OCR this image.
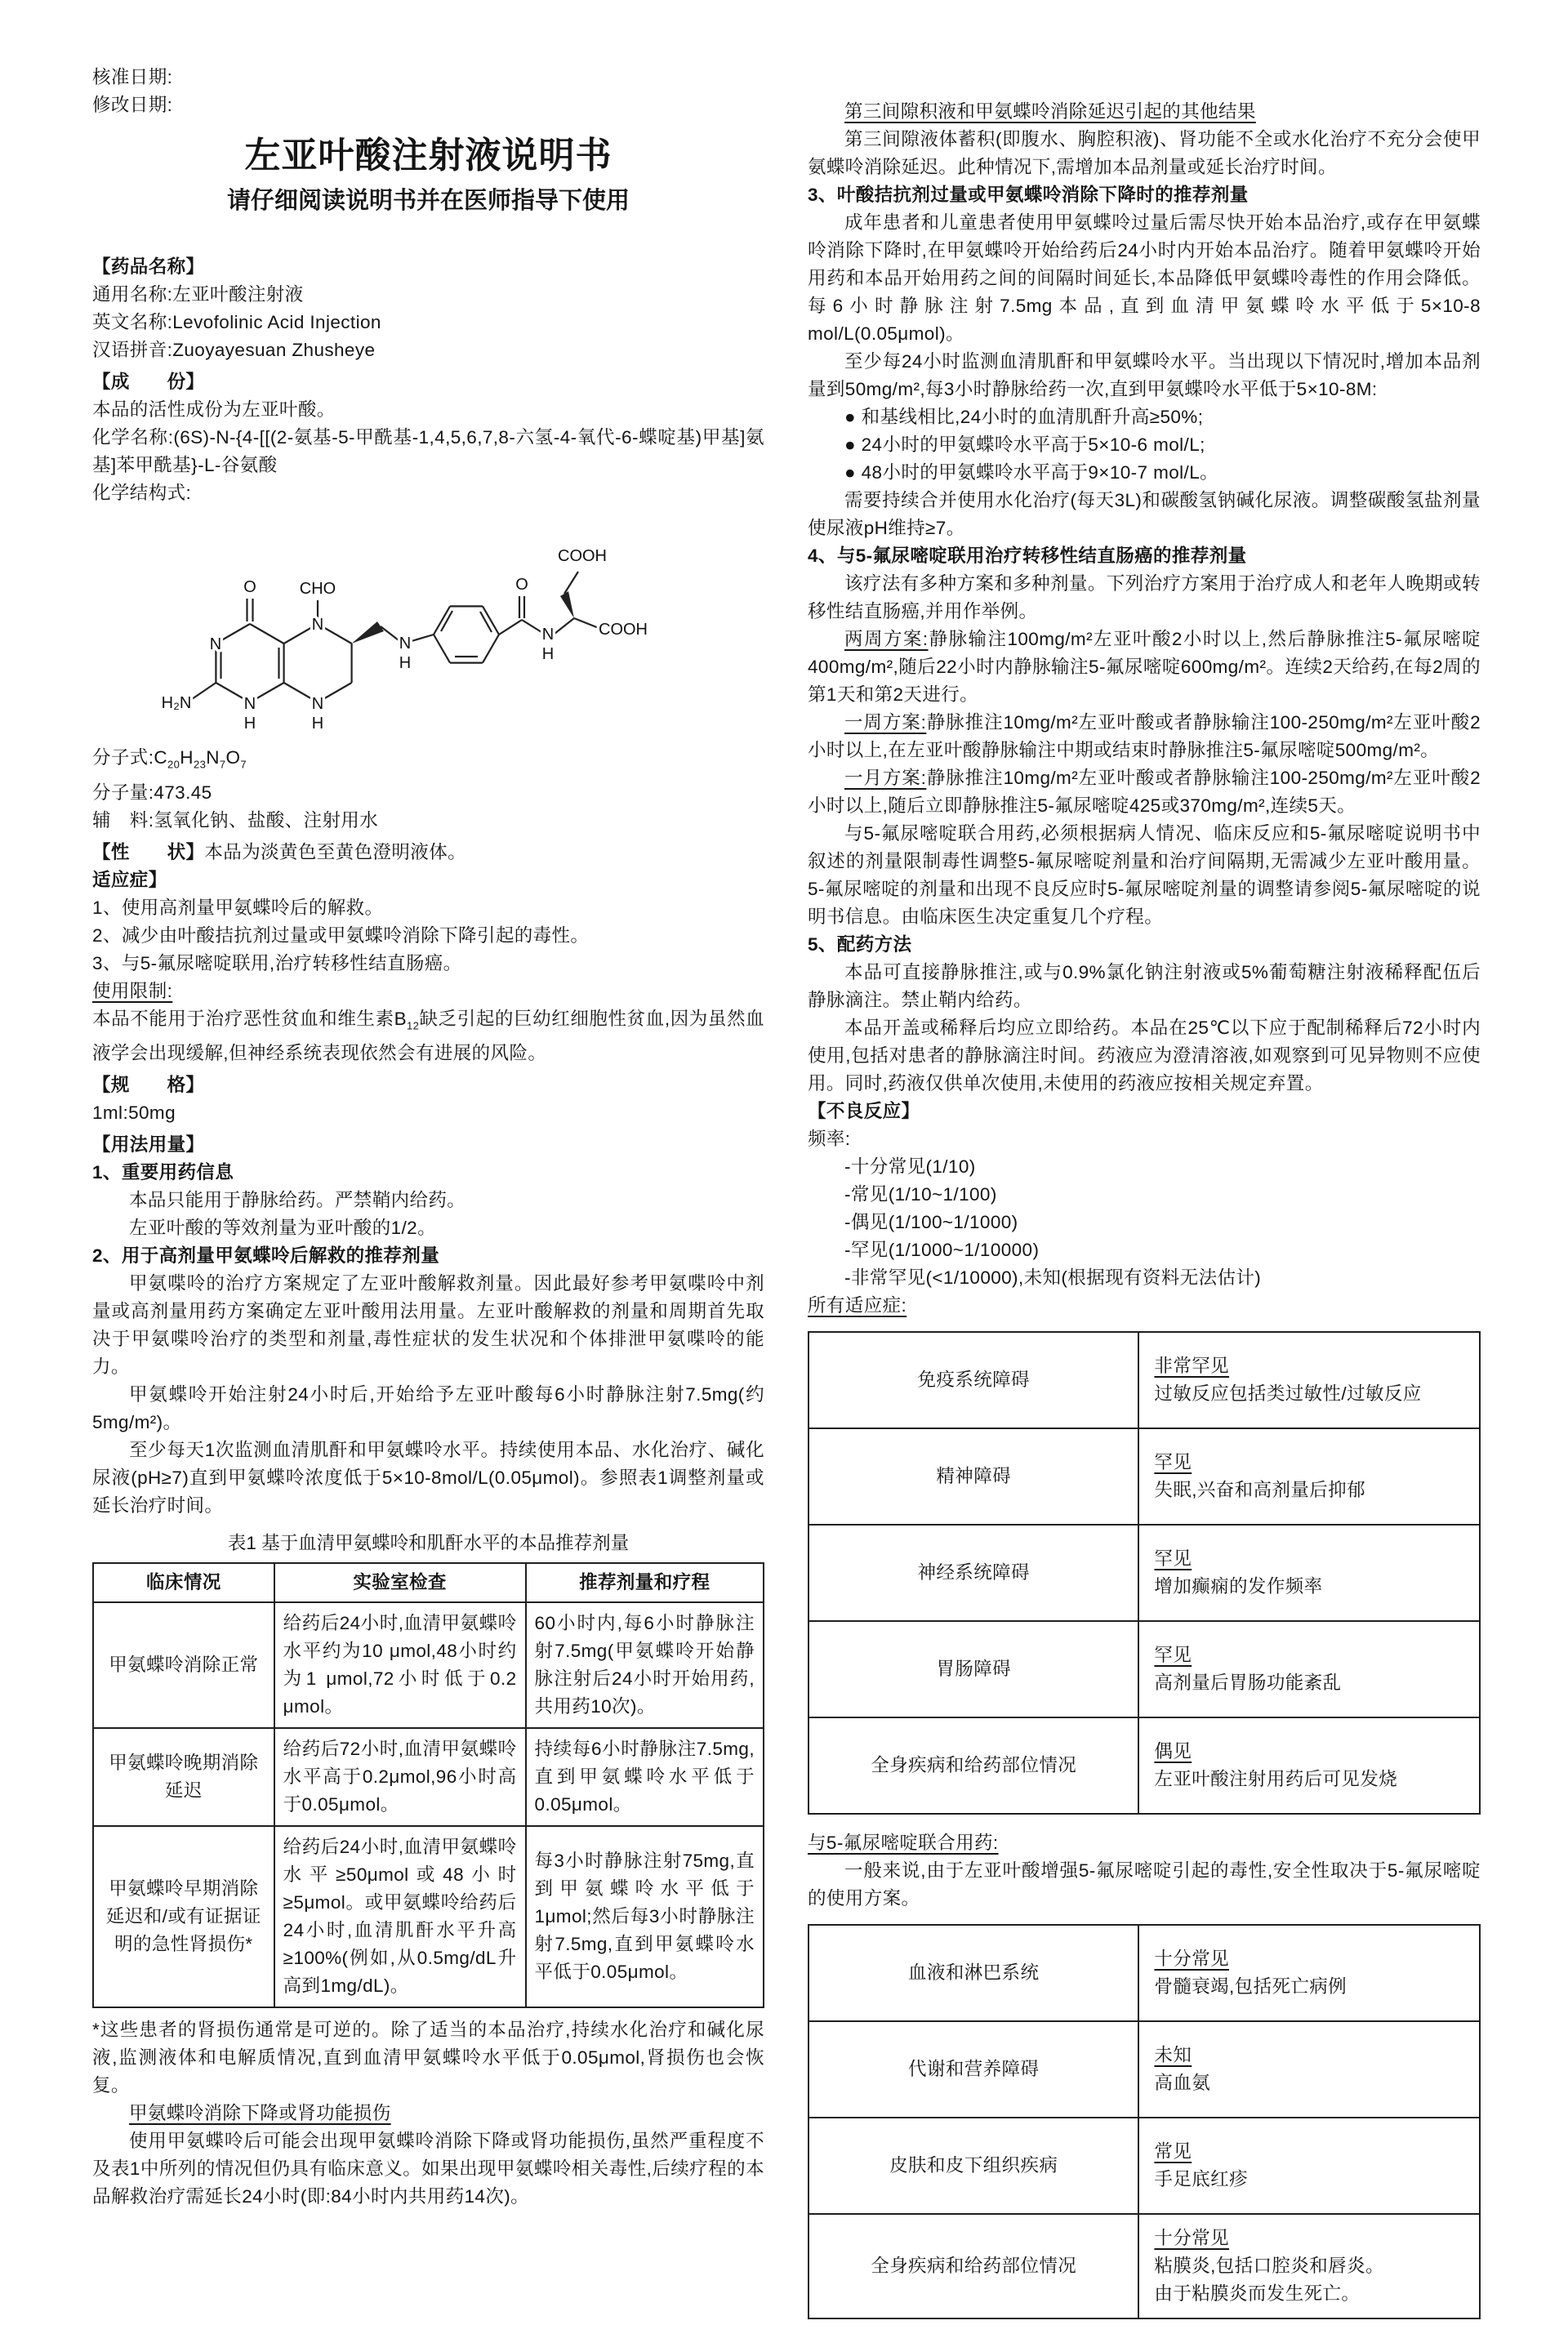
核准日期:

修改日期:

左亚叶酸注射液说明书
请仔细阅读说明书并在医师指导下使用

【药品名称】

通用名称:左亚叶酸注射液

英文名称:Levofolinic Acid Injection

汉语拼音:Zuoyayesuan Zhusheye

【成　　份】

本品的活性成份为左亚叶酸。

化学名称:(6S)-N-{4-[[(2-氨基-5-甲酰基-1,4,5,6,7,8-六氢-4-氧代-6-蝶啶基)甲基]氨基]苯甲酰基}-L-谷氨酸

化学结构式:

COOH
COOH
O
CHO
O
N
H₂N	N
H
N
N
H
N
H
N
H

分子式$:C_{20}H_{23}N_7O_7$

分子量:473.45

辅　料:氢氧化钠、盐酸、注射用水

【性　　状】本品为淡黄色至黄色澄明液体。

适应症】

1、使用高剂量甲氨蝶呤后的解救。

2、减少由叶酸拮抗剂过量或甲氨蝶呤消除下降引起的毒性。

3、与5-氟尿嘧啶联用,治疗转移性结直肠癌。

使用限制:

本品不能用于治疗恶性贫血和维生素$B_{12}$缺乏引起的巨幼红细胞性贫血,因为虽然血液学会出现缓解,但神经系统表现依然会有进展的风险。

【规　　格】

1ml:50mg

【用法用量】

1、重要用药信息

本品只能用于静脉给药。严禁鞘内给药。

左亚叶酸的等效剂量为亚叶酸的1/2。

2、用于高剂量甲氨蝶呤后解救的推荐剂量

甲氨喋呤的治疗方案规定了左亚叶酸解救剂量。因此最好参考甲氨喋呤中剂量或高剂量用药方案确定左亚叶酸用法用量。左亚叶酸解救的剂量和周期首先取决于甲氨喋呤治疗的类型和剂量,毒性症状的发生状况和个体排泄甲氨喋呤的能力。

甲氨蝶呤开始注射24小时后,开始给予左亚叶酸每6小时静脉注射7.5mg(约5mg/m²)。

至少每天1次监测血清肌酐和甲氨蝶呤水平。持续使用本品、水化治疗、碱化尿液(pH≥7)直到甲氨蝶呤浓度低于5×10-8mol/L(0.05μmol)。参照表1调整剂量或延长治疗时间。

表1 基于血清甲氨蝶呤和肌酐水平的本品推荐剂量

临床情况	实验室检查	推荐剂量和疗程
甲氨蝶呤消除正常	给药后24小时,血清甲氨蝶呤水平约为10 μmol,48小时约为1 μmol,72小时低于0.2 μmol。	60小时内,每6小时静脉注射7.5mg(甲氨蝶呤开始静脉注射后24小时开始用药,共用药10次)。
甲氨蝶呤晚期消除延迟	给药后72小时,血清甲氨蝶呤水平高于0.2μmol,96小时高于0.05μmol。	持续每6小时静脉注7.5mg,直到甲氨蝶呤水平低于0.05μmol。
甲氨蝶呤早期消除延迟和/或有证据证明的急性肾损伤*	给药后24小时,血清甲氨蝶呤水平≥50μmol或48小时≥5μmol。或甲氨蝶呤给药后24小时,血清肌酐水平升高≥100%(例如,从0.5mg/dL升高到1mg/dL)。	每3小时静脉注射75mg,直到甲氨蝶呤水平低于1μmol;然后每3小时静脉注射7.5mg,直到甲氨蝶呤水平低于0.05μmol。

*这些患者的肾损伤通常是可逆的。除了适当的本品治疗,持续水化治疗和碱化尿液,监测液体和电解质情况,直到血清甲氨蝶呤水平低于0.05μmol,肾损伤也会恢复。

甲氨蝶呤消除下降或肾功能损伤

使用甲氨蝶呤后可能会出现甲氨蝶呤消除下降或肾功能损伤,虽然严重程度不及表1中所列的情况但仍具有临床意义。如果出现甲氨蝶呤相关毒性,后续疗程的本品解救治疗需延长24小时(即:84小时内共用药14次)。

第三间隙积液和甲氨蝶呤消除延迟引起的其他结果

第三间隙液体蓄积(即腹水、胸腔积液)、肾功能不全或水化治疗不充分会使甲氨蝶呤消除延迟。此种情况下,需增加本品剂量或延长治疗时间。

3、叶酸拮抗剂过量或甲氨蝶呤消除下降时的推荐剂量

成年患者和儿童患者使用甲氨蝶呤过量后需尽快开始本品治疗,或存在甲氨蝶呤消除下降时,在甲氨蝶呤开始给药后24小时内开始本品治疗。随着甲氨蝶呤开始用药和本品开始用药之间的间隔时间延长,本品降低甲氨蝶呤毒性的作用会降低。每6小时静脉注射7.5mg本品,直到血清甲氨蝶呤水平低于5×10-8 mol/L(0.05μmol)。

至少每24小时监测血清肌酐和甲氨蝶呤水平。当出现以下情况时,增加本品剂量到50mg/m²,每3小时静脉给药一次,直到甲氨蝶呤水平低于5×10-8M:

● 和基线相比,24小时的血清肌酐升高≥50%;

● 24小时的甲氨蝶呤水平高于5×10-6 mol/L;

● 48小时的甲氨蝶呤水平高于9×10-7 mol/L。

需要持续合并使用水化治疗(每天3L)和碳酸氢钠碱化尿液。调整碳酸氢盐剂量使尿液pH维持≥7。

4、与5-氟尿嘧啶联用治疗转移性结直肠癌的推荐剂量

该疗法有多种方案和多种剂量。下列治疗方案用于治疗成人和老年人晚期或转移性结直肠癌,并用作举例。

两周方案:静脉输注100mg/m²左亚叶酸2小时以上,然后静脉推注5-氟尿嘧啶400mg/m²,随后22小时内静脉输注5-氟尿嘧啶600mg/m²。连续2天给药,在每2周的第1天和第2天进行。

一周方案:静脉推注10mg/m²左亚叶酸或者静脉输注100-250mg/m²左亚叶酸2小时以上,在左亚叶酸静脉输注中期或结束时静脉推注5-氟尿嘧啶500mg/m²。

一月方案:静脉推注10mg/m²左亚叶酸或者静脉输注100-250mg/m²左亚叶酸2小时以上,随后立即静脉推注5-氟尿嘧啶425或370mg/m²,连续5天。

与5-氟尿嘧啶联合用药,必须根据病人情况、临床反应和5-氟尿嘧啶说明书中叙述的剂量限制毒性调整5-氟尿嘧啶剂量和治疗间隔期,无需减少左亚叶酸用量。5-氟尿嘧啶的剂量和出现不良反应时5-氟尿嘧啶剂量的调整请参阅5-氟尿嘧啶的说明书信息。由临床医生决定重复几个疗程。

5、配药方法

本品可直接静脉推注,或与0.9%氯化钠注射液或5%葡萄糖注射液稀释配伍后静脉滴注。禁止鞘内给药。

本品开盖或稀释后均应立即给药。本品在25℃以下应于配制稀释后72小时内使用,包括对患者的静脉滴注时间。药液应为澄清溶液,如观察到可见异物则不应使用。同时,药液仅供单次使用,未使用的药液应按相关规定弃置。

【不良反应】

频率:

-十分常见(1/10)

-常见(1/10~1/100)

-偶见(1/100~1/1000)

-罕见(1/1000~1/10000)

-非常罕见(<1/10000),未知(根据现有资料无法估计)

所有适应症:

免疫系统障碍	非常罕见
过敏反应包括类过敏性/过敏反应

精神障碍	罕见
失眠,兴奋和高剂量后抑郁

神经系统障碍	罕见
增加癫痫的发作频率

胃肠障碍	罕见
高剂量后胃肠功能紊乱

全身疾病和给药部位情况	偶见
左亚叶酸注射用药后可见发烧

与5-氟尿嘧啶联合用药:

一般来说,由于左亚叶酸增强5-氟尿嘧啶引起的毒性,安全性取决于5-氟尿嘧啶的使用方案。

血液和淋巴系统	十分常见
骨髓衰竭,包括死亡病例

代谢和营养障碍	未知
高血氨

皮肤和皮下组织疾病	常见
手足底红疹

全身疾病和给药部位情况	十分常见
粘膜炎,包括口腔炎和唇炎。
由于粘膜炎而发生死亡。
